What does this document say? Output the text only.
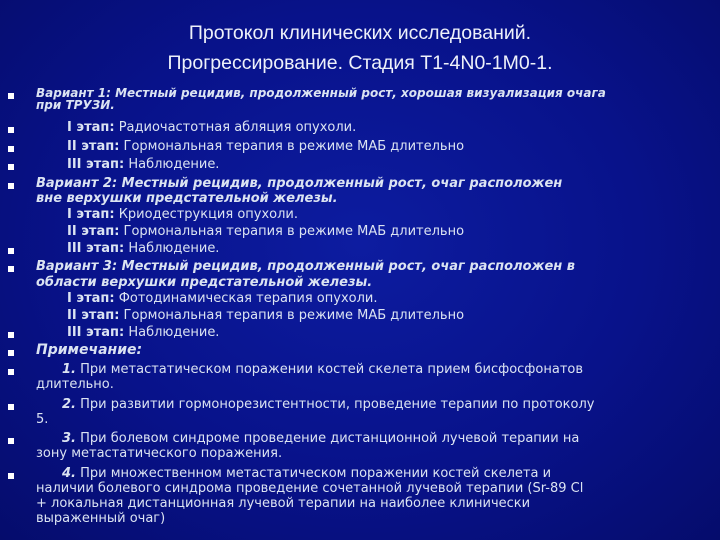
Протокол клинических исследований.
Прогрессирование. Стадия Т1-4N0-1М0-1.
Вариант 1: Местный рецидив, продолженный рост, хорошая визуализация очага
при ТРУЗИ.
I этап: Радиочастотная абляция опухоли.
II этап: Гормональная терапия в режиме МАБ длительно
III этап: Наблюдение.
Вариант 2: Местный рецидив, продолженный рост, очаг расположен
вне верхушки предстательной железы.
I этап: Криодеструкция опухоли.
II этап: Гормональная терапия в режиме МАБ длительно
III этап: Наблюдение.
Вариант 3: Местный рецидив, продолженный рост, очаг расположен в
области верхушки предстательной железы.
I этап: Фотодинамическая терапия опухоли.
II этап: Гормональная терапия в режиме МАБ длительно
III этап: Наблюдение.
Примечание:
1. При метастатическом поражении костей скелета прием бисфосфонатов
длительно.
2. При развитии гормонорезистентности, проведение терапии по протоколу
5.
3. При болевом синдроме проведение дистанционной лучевой терапии на
зону метастатического поражения.
4. При множественном метастатическом поражении костей скелета и
наличии болевого синдрома проведение сочетанной лучевой терапии (Sr-89 Cl
+ локальная дистанционная лучевой терапии на наиболее клинически
выраженный очаг)
